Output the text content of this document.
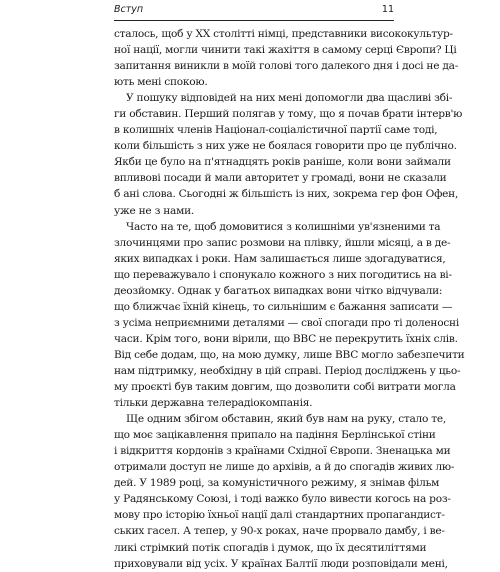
Вступ	11
сталось, щоб у XX столітті німці, представники висококультур-
ної нації, могли чинити такі жахіття в самому серці Європи? Ці
запитання виникли в моїй голові того далекого дня і досі не да-
ють мені спокою.
У пошуку відповідей на них мені допомогли два щасливі збі-
ги обставин. Перший полягав у тому, що я почав брати інтерв'ю
в колишніх членів Націонал-соціалістичної партії саме тоді,
коли більшість з них уже не боялася говорити про це публічно.
Якби це було на п'ятнадцять років раніше, коли вони займали
впливові посади й мали авторитет у громаді, вони не сказали
б ані слова. Сьогодні ж більшість із них, зокрема гер фон Офен,
уже не з нами.
Часто на те, щоб домовитися з колишніми ув'язненими та
злочинцями про запис розмови на плівку, йшли місяці, а в де-
яких випадках і роки. Нам залишається лише здогадуватися,
що переважувало і спонукало кожного з них погодитись на ві-
деозйомку. Однак у багатьох випадках вони чітко відчували:
що ближчає їхній кінець, то сильнішим є бажання записати —
з усіма неприємними деталями — свої спогади про ті доленосні
часи. Крім того, вони вірили, що BBC не перекрутить їхніх слів.
Від себе додам, що, на мою думку, лише BBC могло забезпечити
нам підтримку, необхідну в цій справі. Період досліджень у цьо-
му проєкті був таким довгим, що дозволити собі витрати могла
тільки державна телерадіокомпанія.
Ще одним збігом обставин, який був нам на руку, стало те,
що моє зацікавлення припало на падіння Берлінської стіни
і відкриття кордонів з країнами Східної Європи. Зненацька ми
отримали доступ не лише до архівів, а й до спогадів живих лю-
дей. У 1989 році, за комуністичного режиму, я знімав фільм
у Радянському Союзі, і тоді важко було вивести когось на роз-
мову про історію їхньої нації далі стандартних пропагандист-
ських гасел. А тепер, у 90-х роках, наче прорвало дамбу, і ве-
ликі стрімкий потік спогадів і думок, що їх десятиліттями
приховували від усіх. У країнах Балтії люди розповідали мені,
